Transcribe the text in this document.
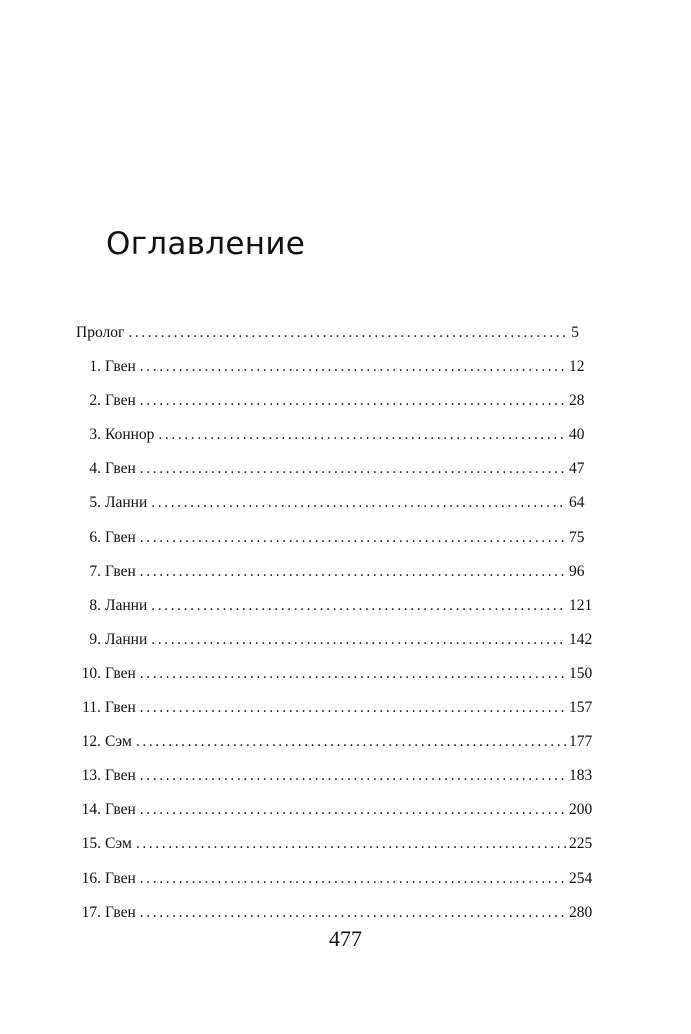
Оглавление
Пролог .....	5
1. Гвен .....	12
2. Гвен .....	28
3. Коннор .....	40
4. Гвен .....	47
5. Ланни .....	64
6. Гвен .....	75
7. Гвен .....	96
8. Ланни .....	121
9. Ланни .....	142
10. Гвен .....	150
11. Гвен .....	157
12. Сэм .....	177
13. Гвен .....	183
14. Гвен .....	200
15. Сэм .....	225
16. Гвен .....	254
17. Гвен .....	280
477
